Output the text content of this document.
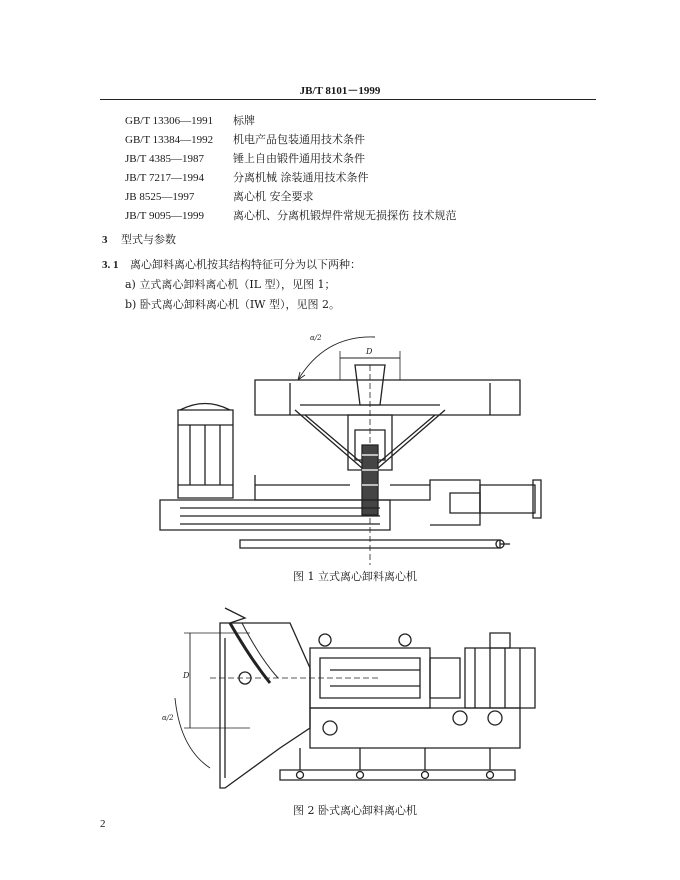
JB/T 8101－1999
GB/T 13306—1991	标牌
GB/T 13384—1992	机电产品包装通用技术条件
JB/T 4385—1987	锤上自由锻件通用技术条件
JB/T 7217—1994	分离机械 涂装通用技术条件
JB 8525—1997	离心机 安全要求
JB/T 9095—1999	离心机、分离机锻焊件常规无损探伤 技术规范
3 型式与参数
3. 1 离心卸料离心机按其结构特征可分为以下两种：
a) 立式离心卸料离心机（IL 型），见图 1；
b) 卧式离心卸料离心机（IW 型），见图 2。
α/2
D
图 1 立式离心卸料离心机
D
α/2
图 2 卧式离心卸料离心机
2
